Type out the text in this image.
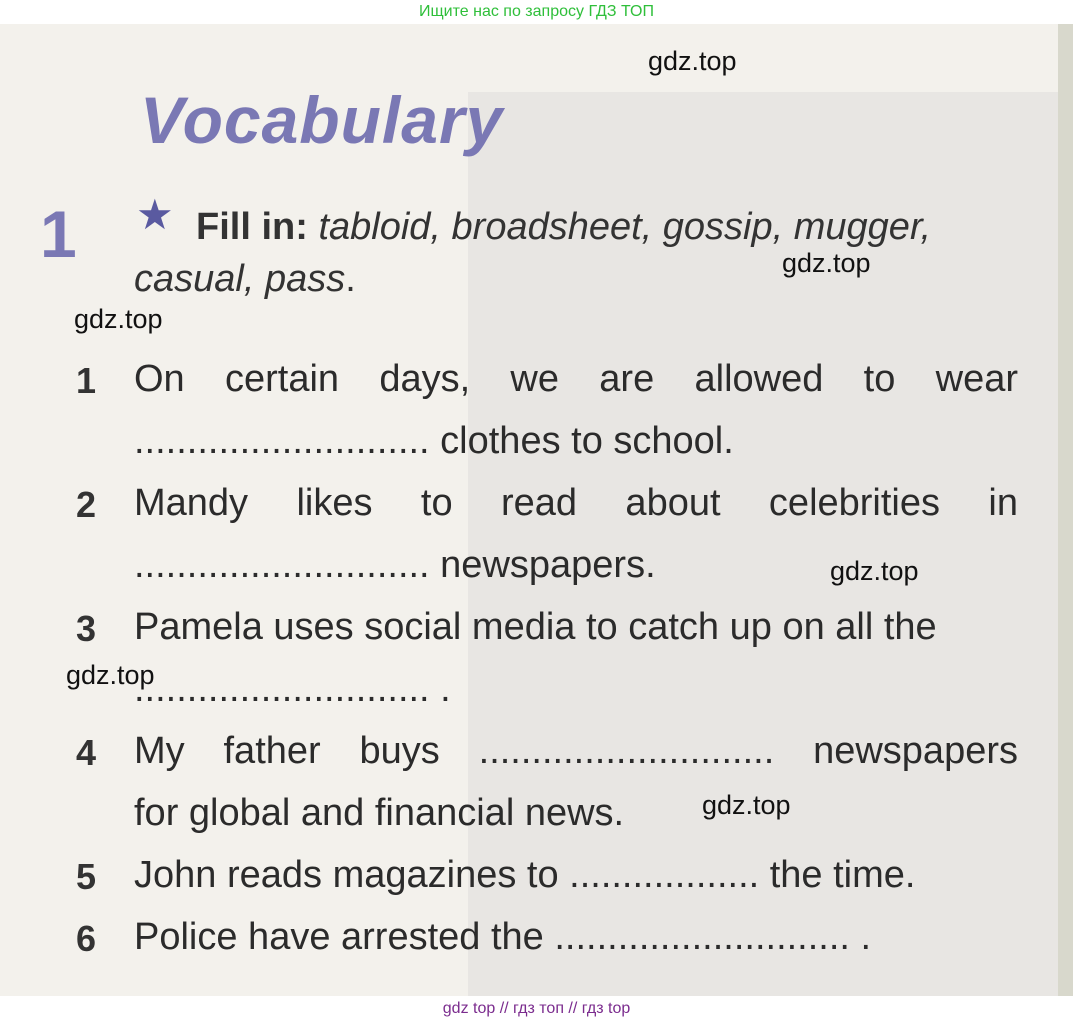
Ищите нас по запросу ГДЗ ТОП
Vocabulary
1 ★ Fill in: tabloid, broadsheet, gossip, mugger,
casual, pass.
1 On certain days, we are allowed to wear
............................ clothes to school.
2 Mandy likes to read about celebrities in
............................ newspapers.
3 Pamela uses social media to catch up on all the
............................ .
4 My father buys ............................ newspapers
for global and financial news.
5 John reads magazines to .................. the time.
6 Police have arrested the ............................ .
gdz.top
gdz.top
gdz.top
gdz.top
gdz.top
gdz.top
gdz top // гдз топ // гдз top
